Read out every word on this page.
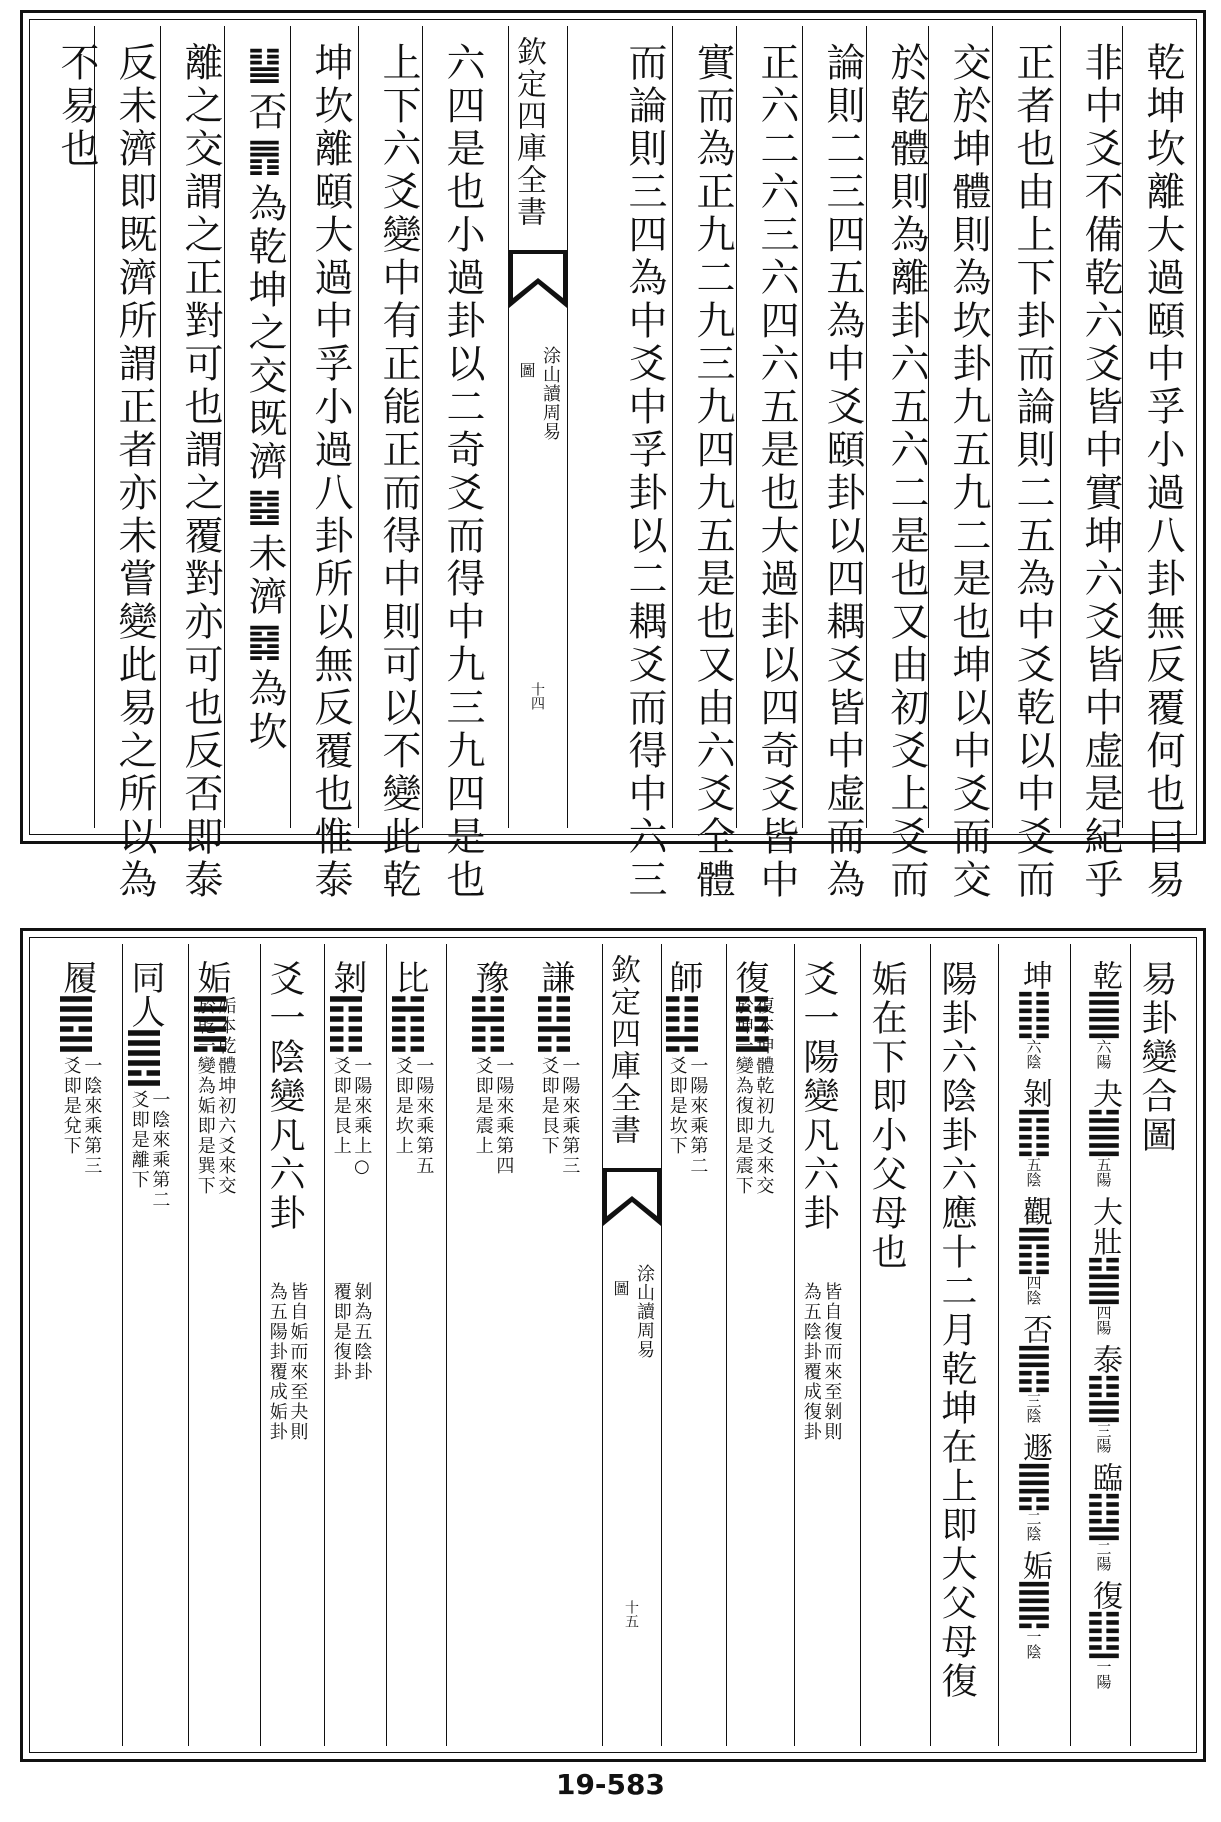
乾坤坎離大過頤中孚小過八卦無反覆何也曰易
非中爻不備乾六爻皆中實坤六爻皆中虚是紀乎
正者也由上下卦而論則二五為中爻乾以中爻而
交於坤體則為坎卦九五九二是也坤以中爻而交
於乾體則為離卦六五六二是也又由初爻上爻而
論則二三四五為中爻頤卦以四耦爻皆中虚而為
正六二六三六四六五是也大過卦以四奇爻皆中
實而為正九二九三九四九五是也又由六爻全體
而論則三四為中爻中孚卦以二耦爻而得中六三
六四是也小過卦以二奇爻而得中九三九四是也
上下六爻變中有正能正而得中則可以不變此乾
坤坎離頤大過中孚小過八卦所以無反覆也惟泰
䷊否䷋為乾坤之交既濟䷾未濟䷿為坎
離之交謂之正對可也謂之覆對亦可也反否即泰
反未濟即既濟所謂正者亦未嘗變此易之所以為
不易也	欽定四庫全書
涂山讀周易
圖
十四
易卦變合圖
乾
六
陽
夬
五
陽
大壯
四
陽
泰
三
陽
臨
二
陽
復
一
陽
坤
六
陰
剝
五
陰
觀
四
陰
否
三
陰
遯
二
陰
姤
一
陰
陽卦六陰卦六應十二月乾坤在上即大父母復
姤在下即小父母也
爻一陽變凡六卦
皆自復而來至剝則
為五陰卦覆成復卦
復
復本坤體乾初九爻來交
於坤一變為復即是震下
欽定四庫全書
涂山讀周易
圖
十五
師
一陽來乘第二
爻即是坎下
謙
一陽來乘第三
爻即是艮下
豫
一陽來乘第四
爻即是震上
比
一陽來乘第五
爻即是坎上
剝
一陽來乘上○
爻即是艮上
剝為五陰卦
覆即是復卦
爻一陰變凡六卦
皆自姤而來至夬則
為五陽卦覆成姤卦
姤
姤本乾體坤初六爻來交
於乾一變為姤即是巽下
同人
一陰來乘第二
爻即是離下
履
一陰來乘第三
爻即是兌下
19-583
